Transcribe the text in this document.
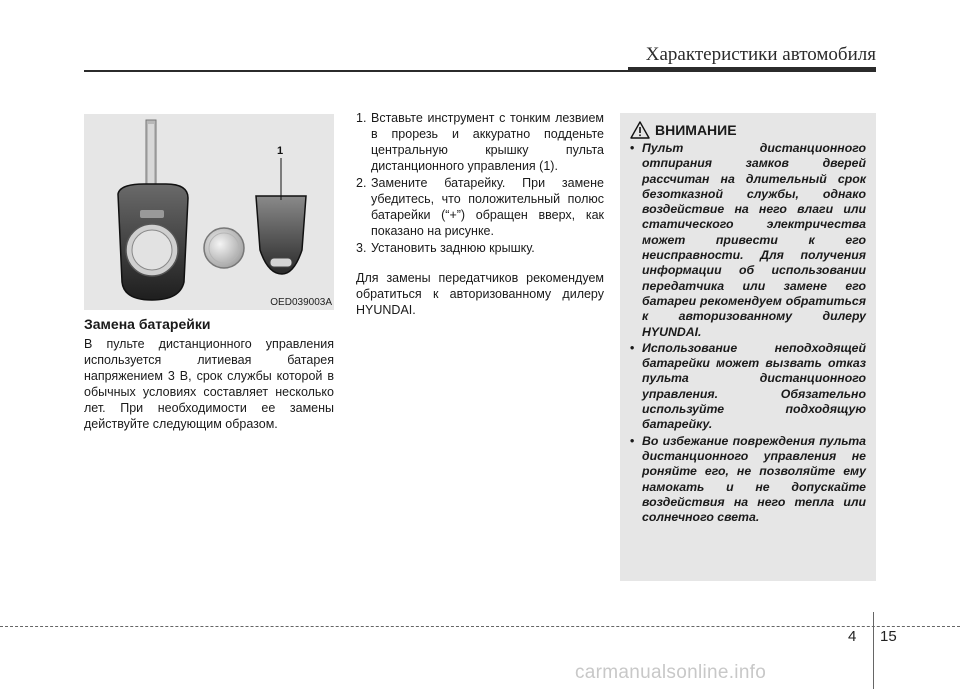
Характеристики автомобиля
1
OED039003A
Замена батарейки
В пульте дистанционного управления используется литиевая батарея напряжением 3 В, срок службы которой в обычных условиях составляет несколько лет. При необходимости ее замены действуйте следующим образом.
1. Вставьте инструмент с тонким лезвием в прорезь и аккуратно подденьте центральную крышку пульта дистанционного управления (1).
2. Замените батарейку. При замене убедитесь, что положительный полюс батарейки (“+”) обращен вверх, как показано на рисунке.
3. Установить заднюю крышку.
Для замены передатчиков рекомендуем обратиться к авторизованному дилеру HYUNDAI.
ВНИМАНИЕ
• Пульт дистанционного отпирания замков дверей рассчитан на длительный срок безотказной службы, однако воздействие на него влаги или статического электричества может привести к его неисправности. Для получения информации об использовании передатчика или замене его батареи рекомендуем обратиться к авторизованному дилеру HYUNDAI.
• Использование неподходящей батарейки может вызвать отказ пульта дистанционного управления. Обязательно используйте подходящую батарейку.
• Во избежание повреждения пульта дистанционного управления не роняйте его, не позволяйте ему намокать и не допускайте воздействия на него тепла или солнечного света.
4 15
carmanualsonline.info
